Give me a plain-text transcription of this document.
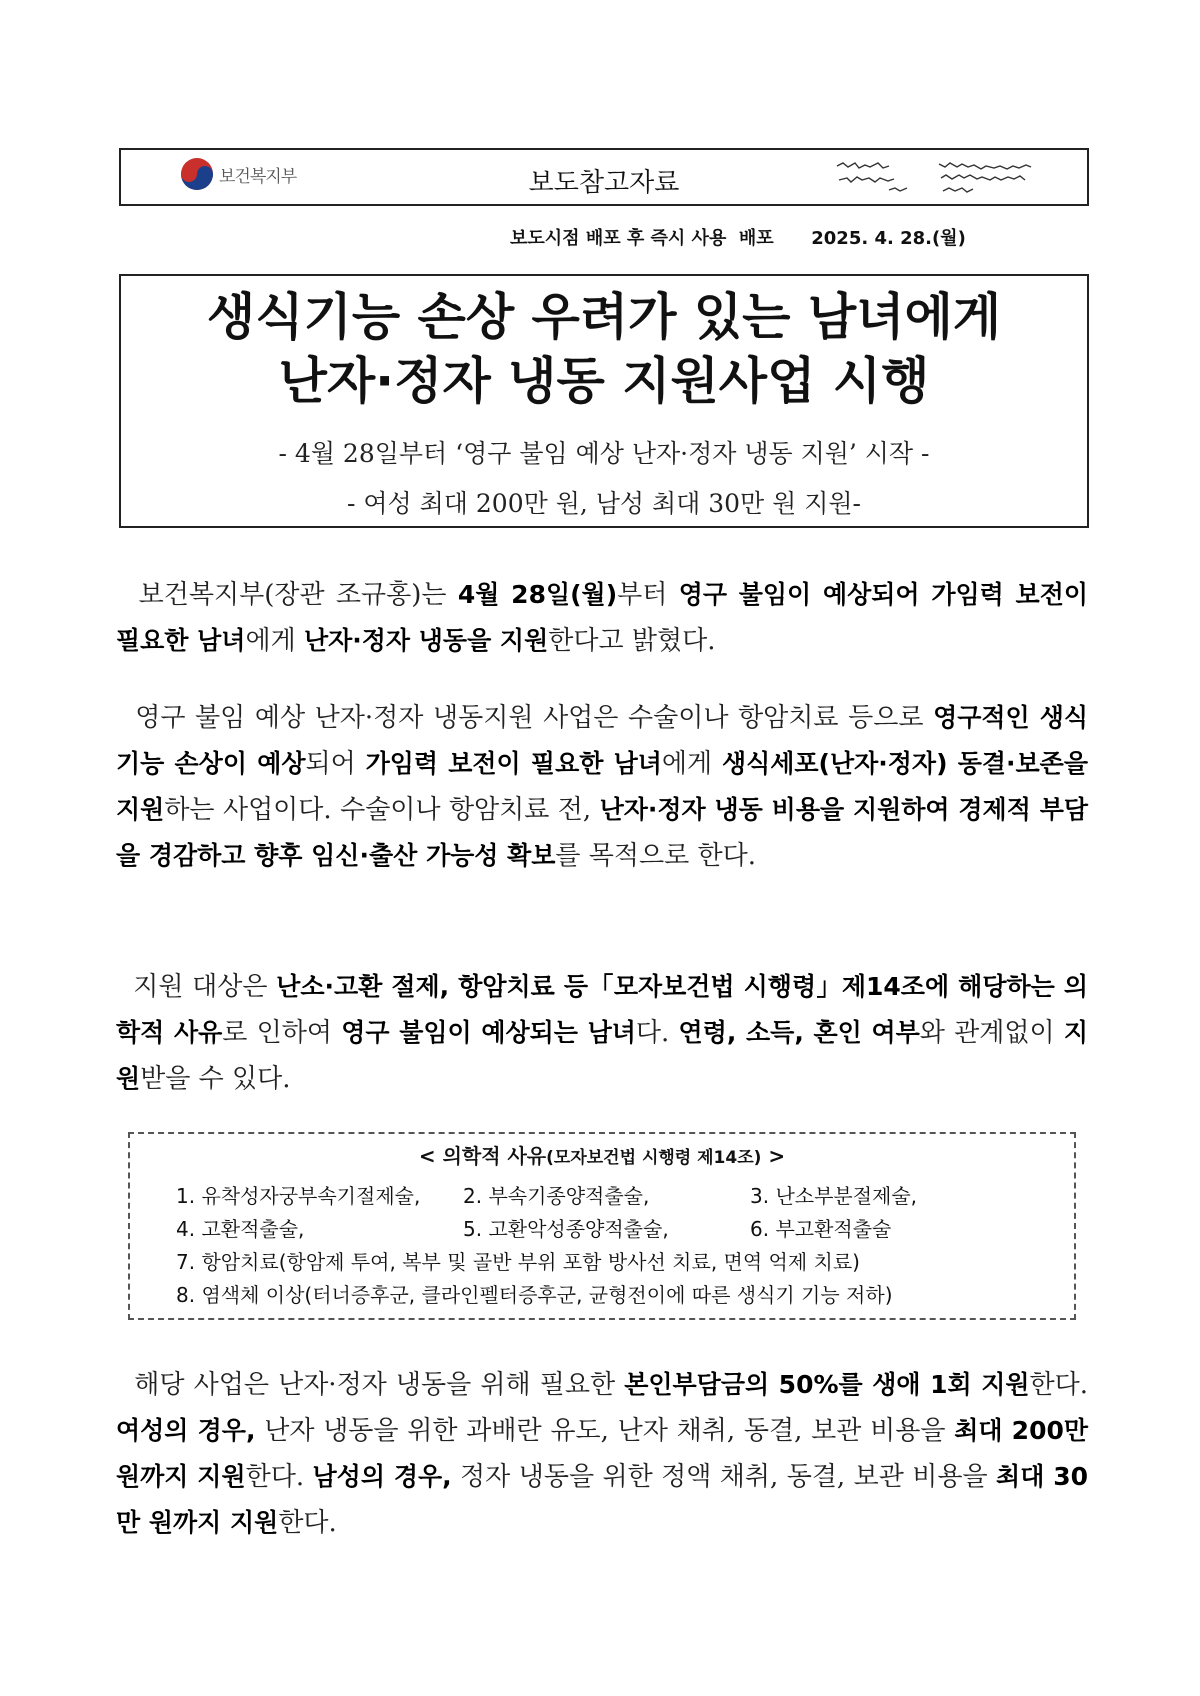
보건복지부	보도참고자료
보도시점 배포 후 즉시 사용  배포      2025. 4. 28.(월)
생식기능 손상 우려가 있는 남녀에게
난자·정자 냉동 지원사업 시행
- 4월 28일부터 ‘영구 불임 예상 난자·정자 냉동 지원’ 시작 -
- 여성 최대 200만 원, 남성 최대 30만 원 지원-
보건복지부(장관 조규홍)는 4월 28일(월)부터 영구 불임이 예상되어 가임력 보전이 필요한 남녀에게 난자·정자 냉동을 지원한다고 밝혔다.
영구 불임 예상 난자·정자 냉동지원 사업은 수술이나 항암치료 등으로 영구적인 생식기능 손상이 예상되어 가임력 보전이 필요한 남녀에게 생식세포(난자·정자) 동결·보존을 지원하는 사업이다. 수술이나 항암치료 전, 난자·정자 냉동 비용을 지원하여 경제적 부담을 경감하고 향후 임신·출산 가능성 확보를 목적으로 한다.
지원 대상은 난소·고환 절제, 항암치료 등「모자보건법 시행령」제14조에 해당하는 의학적 사유로 인하여 영구 불임이 예상되는 남녀다. 연령, 소득, 혼인 여부와 관계없이 지원받을 수 있다.
< 의학적 사유(모자보건법 시행령 제14조) >
1. 유착성자궁부속기절제술, 2. 부속기종양적출술,	3. 난소부분절제술,
4. 고환적출술,	5. 고환악성종양적출술,	6. 부고환적출술
7. 항암치료(항암제 투여, 복부 및 골반 부위 포함 방사선 치료, 면역 억제 치료)
8. 염색체 이상(터너증후군, 클라인펠터증후군, 균형전이에 따른 생식기 기능 저하)
해당 사업은 난자·정자 냉동을 위해 필요한 본인부담금의 50%를 생애 1회 지원한다. 여성의 경우, 난자 냉동을 위한 과배란 유도, 난자 채취, 동결, 보관 비용을 최대 200만 원까지 지원한다. 남성의 경우, 정자 냉동을 위한 정액 채취, 동결, 보관 비용을 최대 30만 원까지 지원한다.
